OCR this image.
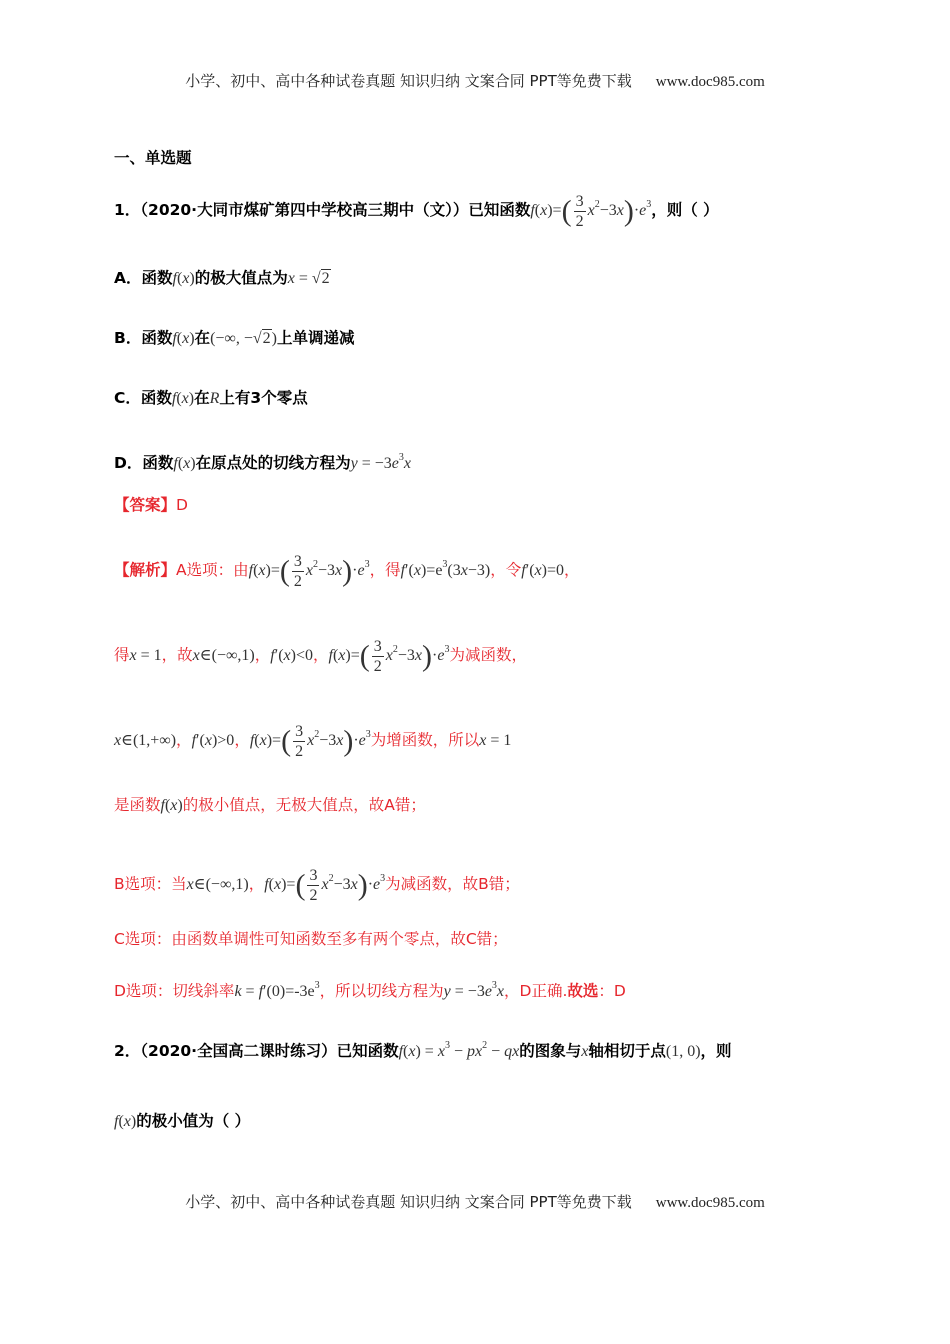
小学、初中、高中各种试卷真题 知识归纳 文案合同 PPT等免费下载 www.doc985.com
一、单选题
1．（2020·大同市煤矿第四中学校高三期中（文））已知函数$f(x)=( \frac{3}{2} x^2-3x)\cdot e^3$，则（ ）
A．函数f(x)的极大值点为x = √2
B．函数f(x)在(−∞, −√2)上单调递减
C．函数f(x)在R上有3个零点
D．函数f(x)在原点处的切线方程为$y = -3e^3x$
【答案】D
【解析】A选项：由$f(x)=( \frac{3}{2} x^2-3x)\cdot e^3$，得$f'(x)=e^3(3x-3)$，令f′(x)=0，
得x = 1，故x∈(−∞,1)，f′(x)<0，$f(x)=( \frac{3}{2} x^2-3x)\cdot e^3$为减函数，
x∈(1,+∞)，f′(x)>0，$f(x)=( \frac{3}{2} x^2-3x)\cdot e^3$为增函数，所以x = 1
是函数f(x)的极小值点，无极大值点，故A错；
B选项：当x∈(−∞,1)，$f(x)=( \frac{3}{2} x^2-3x)\cdot e^3$为减函数，故B错；
C选项：由函数单调性可知函数至多有两个零点，故C错；
D选项：切线斜率$k = f'(0)=-3e^3$，所以切线方程为$y = -3e^3x$，D正确.故选：D
2．（2020·全国高二课时练习）已知函数$f(x) = x^3 - px^2$ − qx的图象与x轴相切于点(1, 0)，则
f(x)的极小值为（ ）
小学、初中、高中各种试卷真题 知识归纳 文案合同 PPT等免费下载 www.doc985.com
